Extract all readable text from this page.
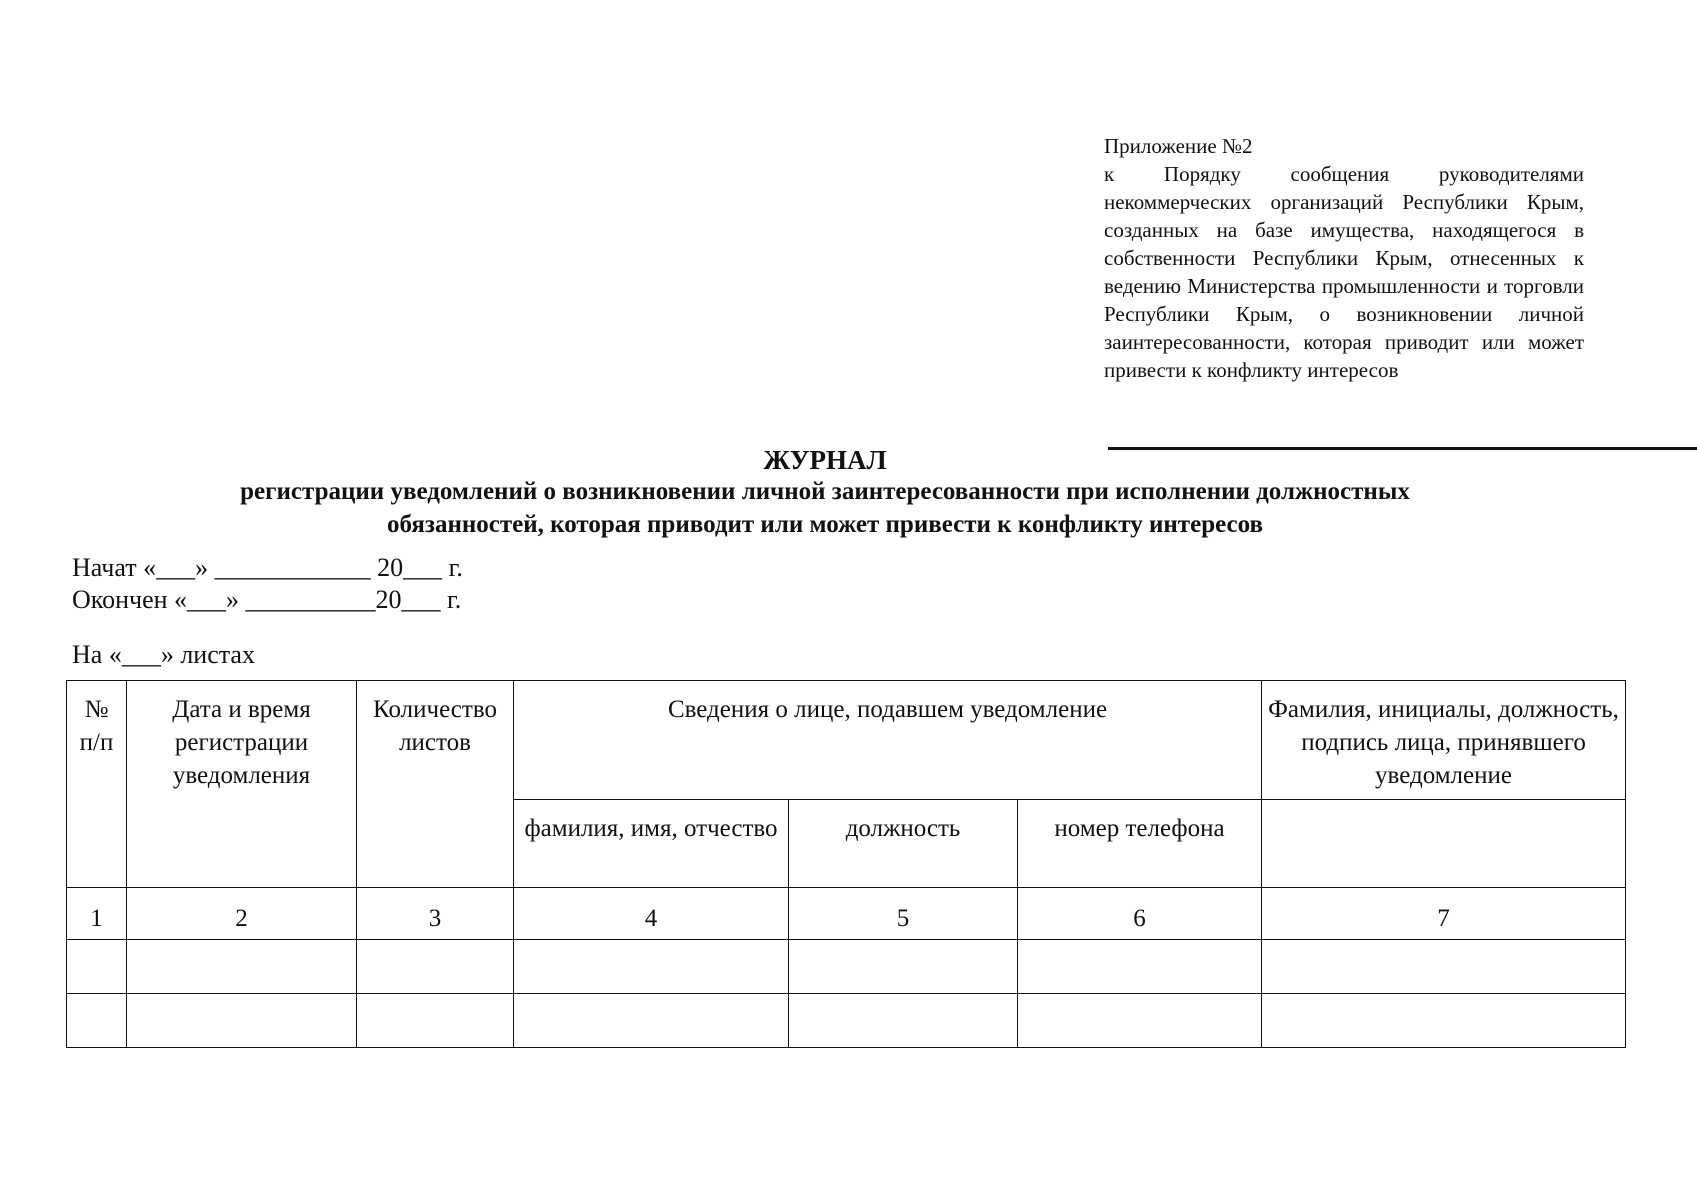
Приложение №2
к Порядку сообщения руководителями некоммерческих организаций Республики Крым, созданных на базе имущества, находящегося в собственности Республики Крым, отнесенных к ведению Министерства промышленности и торговли Республики Крым, о возникновении личной заинтересованности, которая приводит или может привести к конфликту интересов
ЖУРНАЛ
регистрации уведомлений о возникновении личной заинтересованности при исполнении должностных
обязанностей, которая приводит или может привести к конфликту интересов
Начат «___» ____________ 20___ г.
Окончен «___» __________20___ г.
На «___» листах
№ п/п	Дата и время регистрации уведомления	Количество листов	Сведения о лице, подавшем уведомление			Фамилия, инициалы, должность, подпись лица, принявшего уведомление
			фамилия, имя, отчество	должность	номер телефона	
1	2	3	4	5	6	7
